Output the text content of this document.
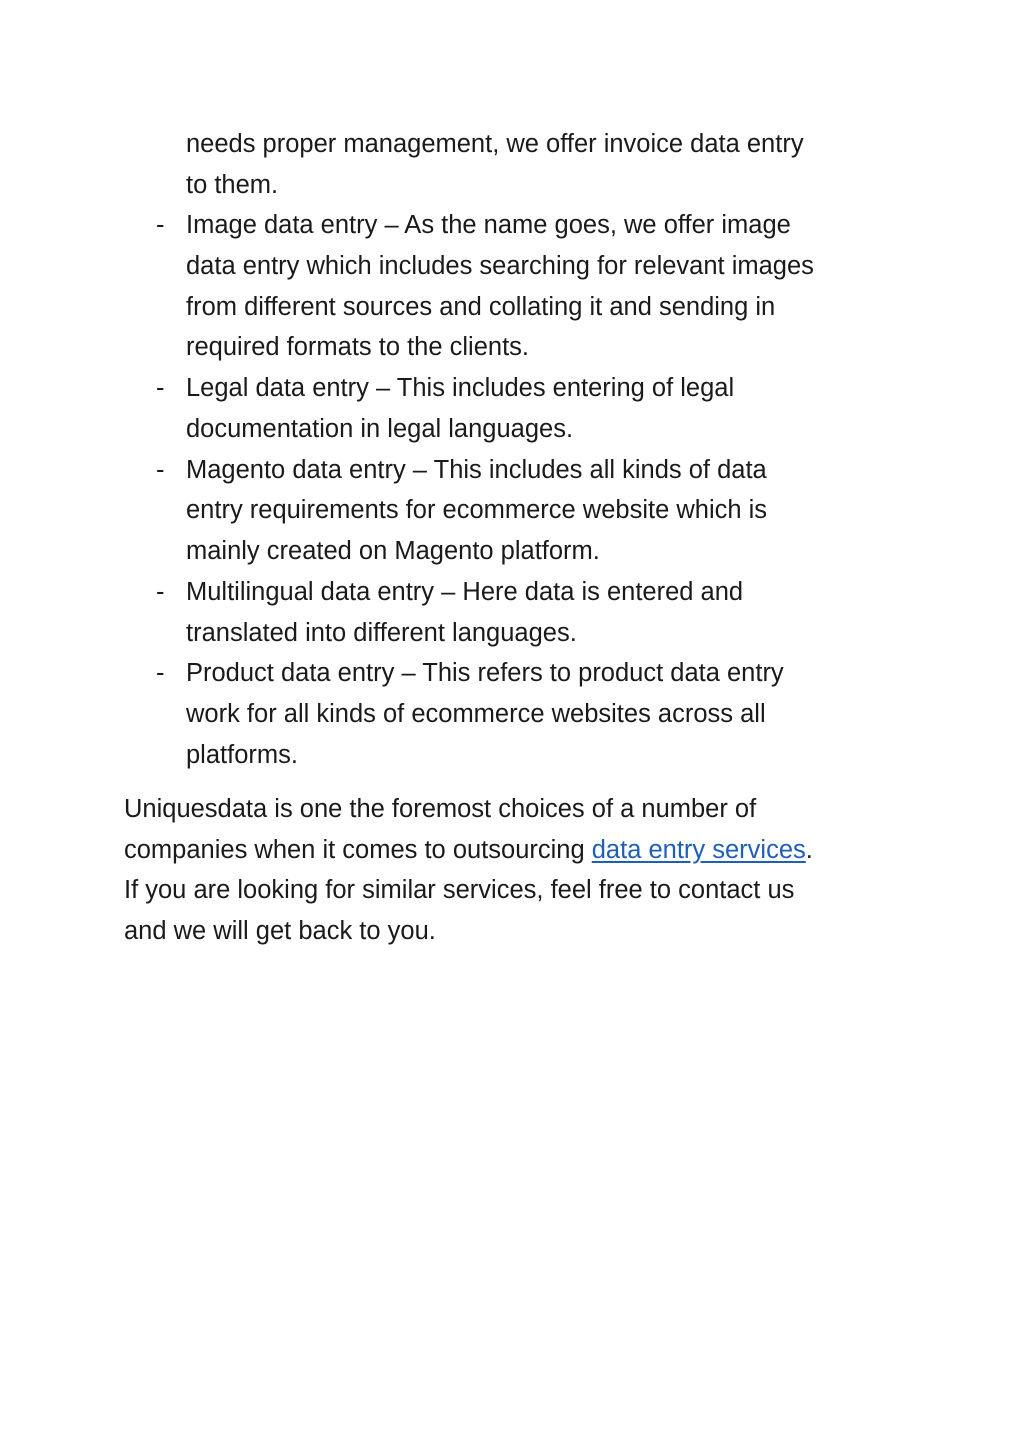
needs proper management, we offer invoice data entry
to them.
- Image data entry – As the name goes, we offer image
data entry which includes searching for relevant images
from different sources and collating it and sending in
required formats to the clients.
- Legal data entry – This includes entering of legal
documentation in legal languages.
- Magento data entry – This includes all kinds of data
entry requirements for ecommerce website which is
mainly created on Magento platform.
- Multilingual data entry – Here data is entered and
translated into different languages.
- Product data entry – This refers to product data entry
work for all kinds of ecommerce websites across all
platforms.
Uniquesdata is one the foremost choices of a number of
companies when it comes to outsourcing data entry services.
If you are looking for similar services, feel free to contact us
and we will get back to you.
